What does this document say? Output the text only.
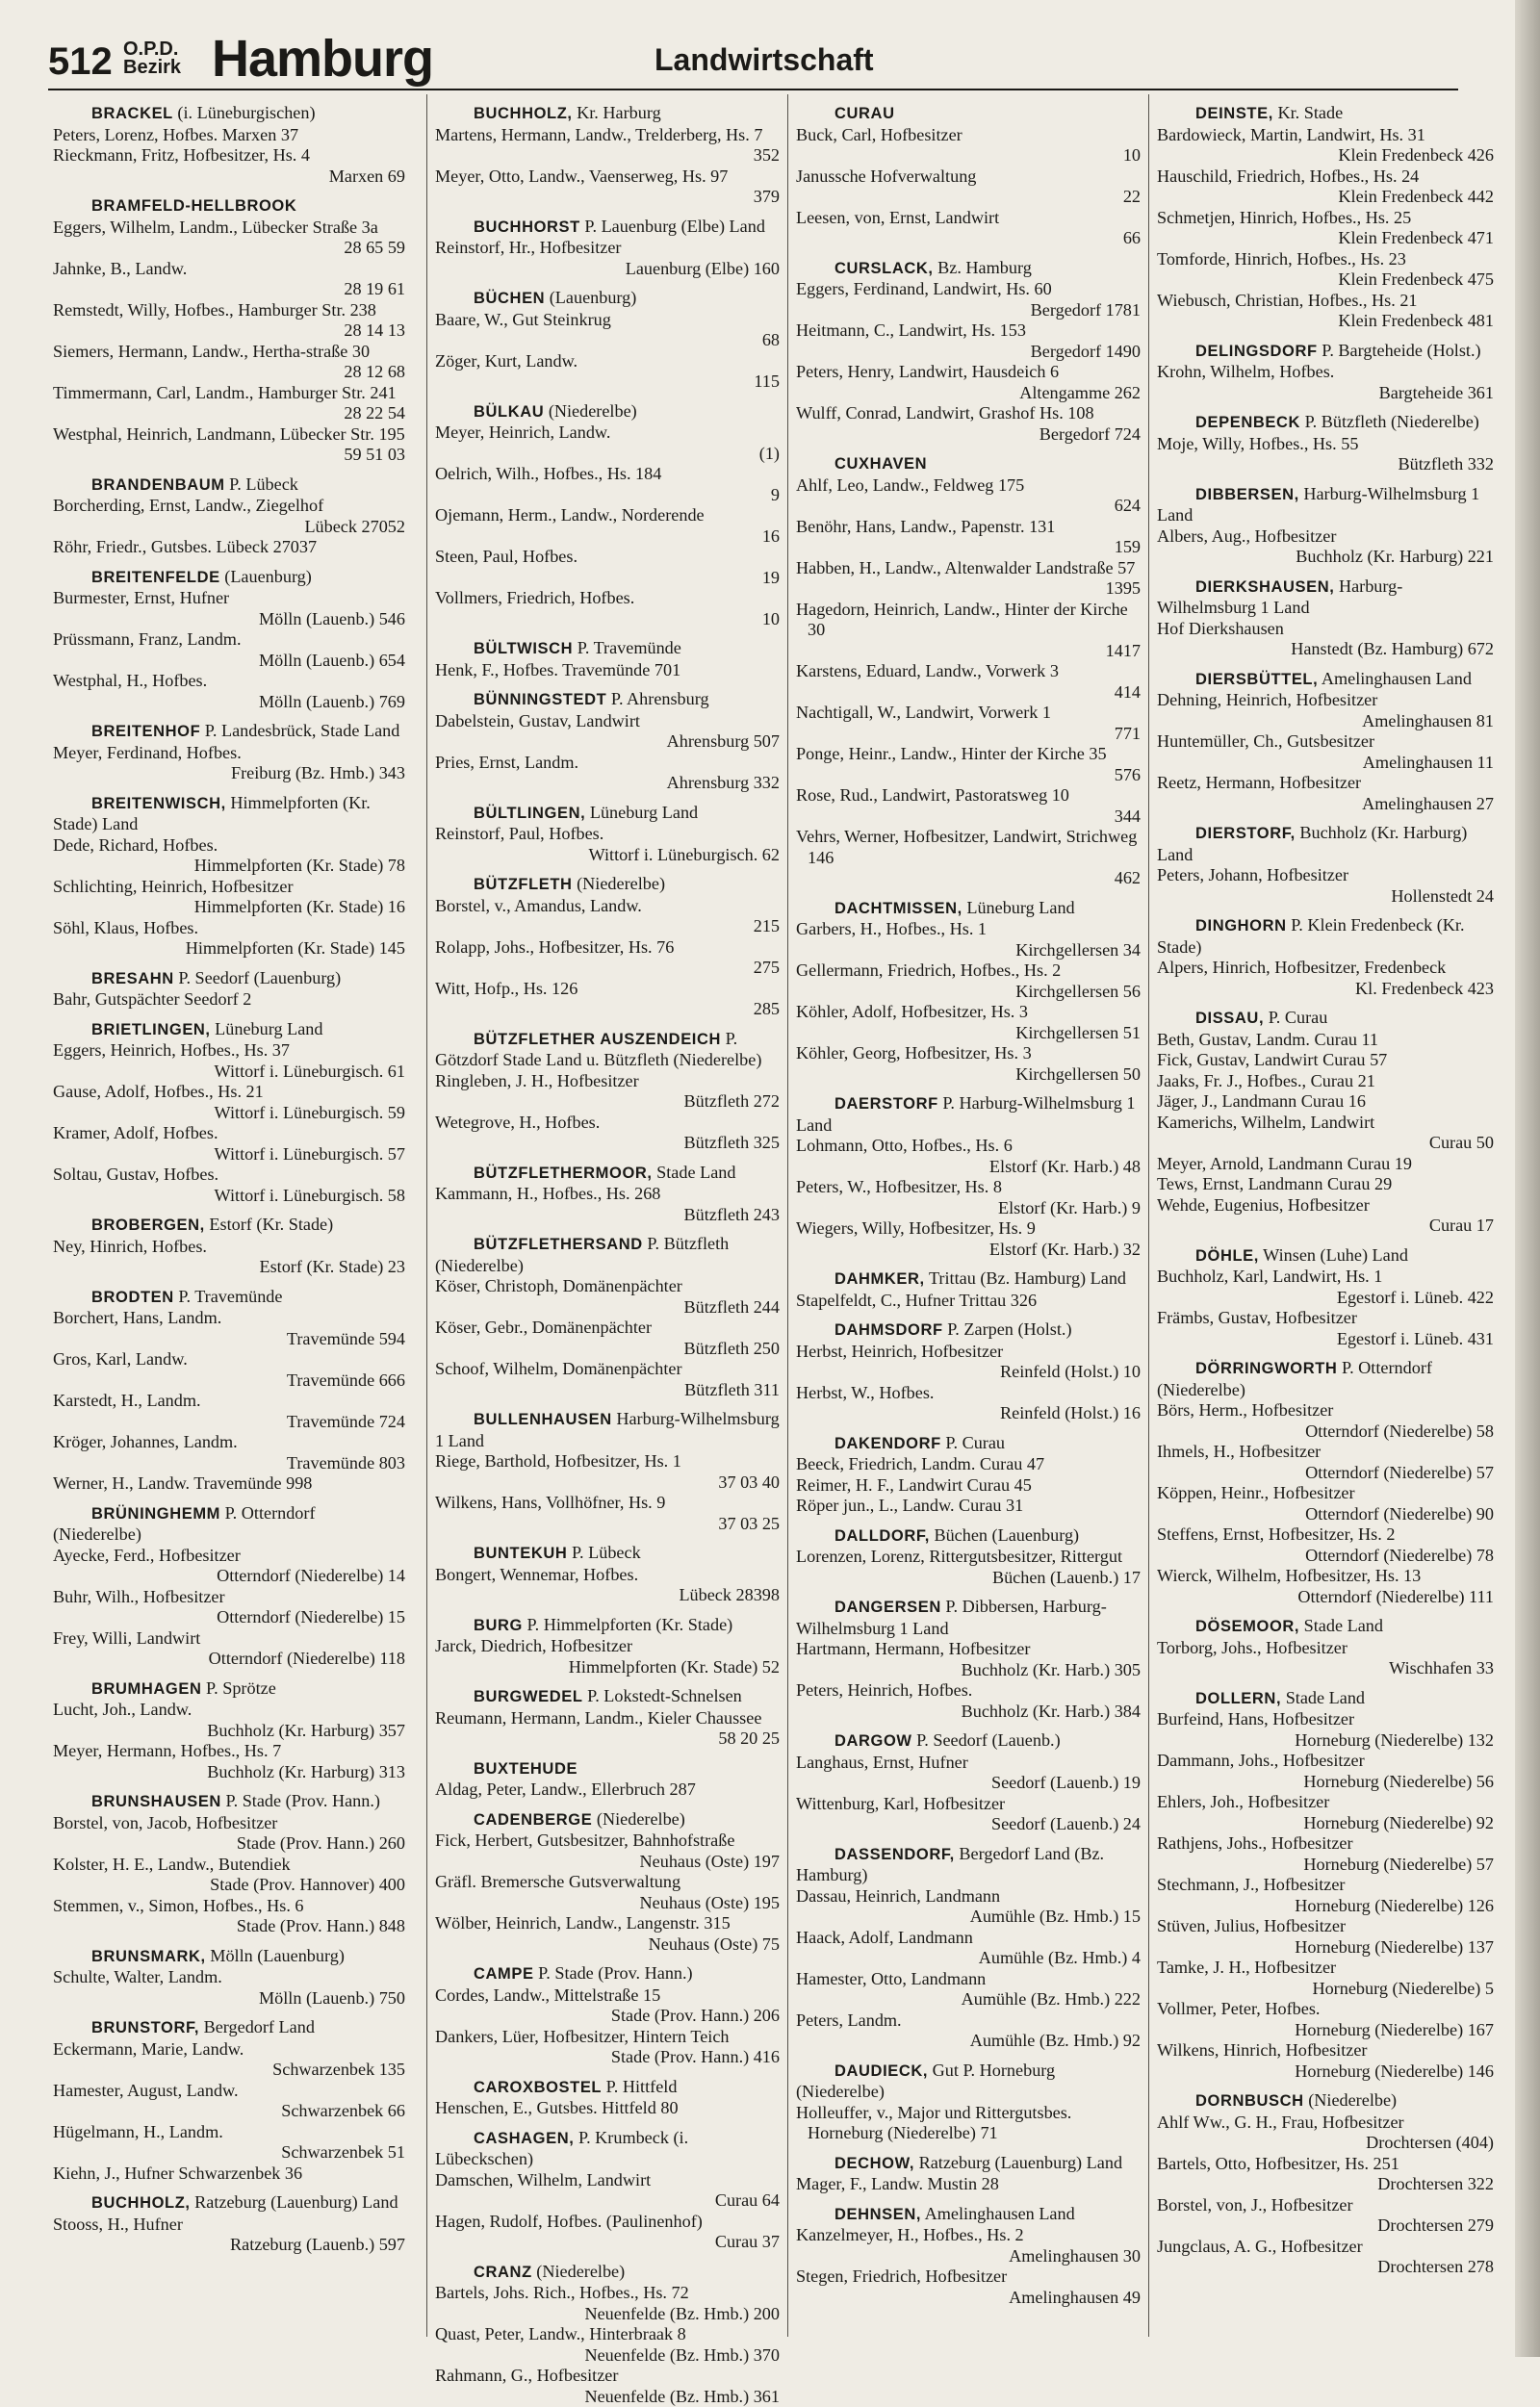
512 O.P.D.
Bezirk Hamburg	Landwirtschaft
BRACKEL (i. Lüneburgischen)
Peters, Lorenz, Hofbes. Marxen 37
Rieckmann, Fritz, Hofbesitzer, Hs. 4
Marxen 69
BRAMFELD-HELLBROOK
Eggers, Wilhelm, Landm., Lübecker Straße 3a
28 65 59
Jahnke, B., Landw.
28 19 61
Remstedt, Willy, Hofbes., Hamburger Str. 238
28 14 13
Siemers, Hermann, Landw., Hertha-straße 30
28 12 68
Timmermann, Carl, Landm., Hamburger Str. 241
28 22 54
Westphal, Heinrich, Landmann, Lübecker Str. 195
59 51 03
BRANDENBAUM P. Lübeck
Borcherding, Ernst, Landw., Ziegelhof
Lübeck 27052
Röhr, Friedr., Gutsbes. Lübeck 27037
BREITENFELDE (Lauenburg)
Burmester, Ernst, Hufner
Mölln (Lauenb.) 546
Prüssmann, Franz, Landm.
Mölln (Lauenb.) 654
Westphal, H., Hofbes.
Mölln (Lauenb.) 769
BREITENHOF P. Landesbrück, Stade Land
Meyer, Ferdinand, Hofbes.
Freiburg (Bz. Hmb.) 343
BREITENWISCH, Himmelpforten (Kr. Stade) Land
Dede, Richard, Hofbes.
Himmelpforten (Kr. Stade) 78
Schlichting, Heinrich, Hofbesitzer
Himmelpforten (Kr. Stade) 16
Söhl, Klaus, Hofbes.
Himmelpforten (Kr. Stade) 145
BRESAHN P. Seedorf (Lauenburg)
Bahr, Gutspächter Seedorf 2
BRIETLINGEN, Lüneburg Land
Eggers, Heinrich, Hofbes., Hs. 37
Wittorf i. Lüneburgisch. 61
Gause, Adolf, Hofbes., Hs. 21
Wittorf i. Lüneburgisch. 59
Kramer, Adolf, Hofbes.
Wittorf i. Lüneburgisch. 57
Soltau, Gustav, Hofbes.
Wittorf i. Lüneburgisch. 58
BROBERGEN, Estorf (Kr. Stade)
Ney, Hinrich, Hofbes.
Estorf (Kr. Stade) 23
BRODTEN P. Travemünde
Borchert, Hans, Landm.
Travemünde 594
Gros, Karl, Landw.
Travemünde 666
Karstedt, H., Landm.
Travemünde 724
Kröger, Johannes, Landm.
Travemünde 803
Werner, H., Landw. Travemünde 998
BRÜNINGHEMM P. Otterndorf (Niederelbe)
Ayecke, Ferd., Hofbesitzer
Otterndorf (Niederelbe) 14
Buhr, Wilh., Hofbesitzer
Otterndorf (Niederelbe) 15
Frey, Willi, Landwirt
Otterndorf (Niederelbe) 118
BRUMHAGEN P. Sprötze
Lucht, Joh., Landw.
Buchholz (Kr. Harburg) 357
Meyer, Hermann, Hofbes., Hs. 7
Buchholz (Kr. Harburg) 313
BRUNSHAUSEN P. Stade (Prov. Hann.)
Borstel, von, Jacob, Hofbesitzer
Stade (Prov. Hann.) 260
Kolster, H. E., Landw., Butendiek
Stade (Prov. Hannover) 400
Stemmen, v., Simon, Hofbes., Hs. 6
Stade (Prov. Hann.) 848
BRUNSMARK, Mölln (Lauenburg)
Schulte, Walter, Landm.
Mölln (Lauenb.) 750
BRUNSTORF, Bergedorf Land
Eckermann, Marie, Landw.
Schwarzenbek 135
Hamester, August, Landw.
Schwarzenbek 66
Hügelmann, H., Landm.
Schwarzenbek 51
Kiehn, J., Hufner Schwarzenbek 36
BUCHHOLZ, Ratzeburg (Lauenburg) Land
Stooss, H., Hufner
Ratzeburg (Lauenb.) 597
BUCHHOLZ, Kr. Harburg
Martens, Hermann, Landw., Trelderberg, Hs. 7
352
Meyer, Otto, Landw., Vaenserweg, Hs. 97
379
BUCHHORST P. Lauenburg (Elbe) Land
Reinstorf, Hr., Hofbesitzer
Lauenburg (Elbe) 160
BÜCHEN (Lauenburg)
Baare, W., Gut Steinkrug
68
Zöger, Kurt, Landw.
115
BÜLKAU (Niederelbe)
Meyer, Heinrich, Landw.
(1)
Oelrich, Wilh., Hofbes., Hs. 184
9
Ojemann, Herm., Landw., Norderende
16
Steen, Paul, Hofbes.
19
Vollmers, Friedrich, Hofbes.
10
BÜLTWISCH P. Travemünde
Henk, F., Hofbes. Travemünde 701
BÜNNINGSTEDT P. Ahrensburg
Dabelstein, Gustav, Landwirt
Ahrensburg 507
Pries, Ernst, Landm.
Ahrensburg 332
BÜLTLINGEN, Lüneburg Land
Reinstorf, Paul, Hofbes.
Wittorf i. Lüneburgisch. 62
BÜTZFLETH (Niederelbe)
Borstel, v., Amandus, Landw.
215
Rolapp, Johs., Hofbesitzer, Hs. 76
275
Witt, Hofp., Hs. 126
285
BÜTZFLETHER AUSZENDEICH P. Götzdorf Stade Land u. Bützfleth (Niederelbe)
Ringleben, J. H., Hofbesitzer
Bützfleth 272
Wetegrove, H., Hofbes.
Bützfleth 325
BÜTZFLETHERMOOR, Stade Land
Kammann, H., Hofbes., Hs. 268
Bützfleth 243
BÜTZFLETHERSAND P. Bützfleth (Niederelbe)
Köser, Christoph, Domänenpächter
Bützfleth 244
Köser, Gebr., Domänenpächter
Bützfleth 250
Schoof, Wilhelm, Domänenpächter
Bützfleth 311
BULLENHAUSEN Harburg-Wilhelmsburg 1 Land
Riege, Barthold, Hofbesitzer, Hs. 1
37 03 40
Wilkens, Hans, Vollhöfner, Hs. 9
37 03 25
BUNTEKUH P. Lübeck
Bongert, Wennemar, Hofbes.
Lübeck 28398
BURG P. Himmelpforten (Kr. Stade)
Jarck, Diedrich, Hofbesitzer
Himmelpforten (Kr. Stade) 52
BURGWEDEL P. Lokstedt-Schnelsen
Reumann, Hermann, Landm., Kieler Chaussee
58 20 25
BUXTEHUDE
Aldag, Peter, Landw., Ellerbruch 287
CADENBERGE (Niederelbe)
Fick, Herbert, Gutsbesitzer, Bahnhofstraße
Neuhaus (Oste) 197
Gräfl. Bremersche Gutsverwaltung
Neuhaus (Oste) 195
Wölber, Heinrich, Landw., Langenstr. 315
Neuhaus (Oste) 75
CAMPE P. Stade (Prov. Hann.)
Cordes, Landw., Mittelstraße 15
Stade (Prov. Hann.) 206
Dankers, Lüer, Hofbesitzer, Hintern Teich
Stade (Prov. Hann.) 416
CAROXBOSTEL P. Hittfeld
Henschen, E., Gutsbes. Hittfeld 80
CASHAGEN, P. Krumbeck (i. Lübeckschen)
Damschen, Wilhelm, Landwirt
Curau 64
Hagen, Rudolf, Hofbes. (Paulinenhof)
Curau 37
CRANZ (Niederelbe)
Bartels, Johs. Rich., Hofbes., Hs. 72
Neuenfelde (Bz. Hmb.) 200
Quast, Peter, Landw., Hinterbraak 8
Neuenfelde (Bz. Hmb.) 370
Rahmann, G., Hofbesitzer
Neuenfelde (Bz. Hmb.) 361
CURAU
Buck, Carl, Hofbesitzer
10
Janussche Hofverwaltung
22
Leesen, von, Ernst, Landwirt
66
CURSLACK, Bz. Hamburg
Eggers, Ferdinand, Landwirt, Hs. 60
Bergedorf 1781
Heitmann, C., Landwirt, Hs. 153
Bergedorf 1490
Peters, Henry, Landwirt, Hausdeich 6
Altengamme 262
Wulff, Conrad, Landwirt, Grashof Hs. 108
Bergedorf 724
CUXHAVEN
Ahlf, Leo, Landw., Feldweg 175
624
Benöhr, Hans, Landw., Papenstr. 131
159
Habben, H., Landw., Altenwalder Landstraße 57
1395
Hagedorn, Heinrich, Landw., Hinter der Kirche 30
1417
Karstens, Eduard, Landw., Vorwerk 3
414
Nachtigall, W., Landwirt, Vorwerk 1
771
Ponge, Heinr., Landw., Hinter der Kirche 35
576
Rose, Rud., Landwirt, Pastoratsweg 10
344
Vehrs, Werner, Hofbesitzer, Landwirt, Strichweg 146
462
DACHTMISSEN, Lüneburg Land
Garbers, H., Hofbes., Hs. 1
Kirchgellersen 34
Gellermann, Friedrich, Hofbes., Hs. 2
Kirchgellersen 56
Köhler, Adolf, Hofbesitzer, Hs. 3
Kirchgellersen 51
Köhler, Georg, Hofbesitzer, Hs. 3
Kirchgellersen 50
DAERSTORF P. Harburg-Wilhelmsburg 1 Land
Lohmann, Otto, Hofbes., Hs. 6
Elstorf (Kr. Harb.) 48
Peters, W., Hofbesitzer, Hs. 8
Elstorf (Kr. Harb.) 9
Wiegers, Willy, Hofbesitzer, Hs. 9
Elstorf (Kr. Harb.) 32
DAHMKER, Trittau (Bz. Hamburg) Land
Stapelfeldt, C., Hufner Trittau 326
DAHMSDORF P. Zarpen (Holst.)
Herbst, Heinrich, Hofbesitzer
Reinfeld (Holst.) 10
Herbst, W., Hofbes.
Reinfeld (Holst.) 16
DAKENDORF P. Curau
Beeck, Friedrich, Landm. Curau 47
Reimer, H. F., Landwirt Curau 45
Röper jun., L., Landw. Curau 31
DALLDORF, Büchen (Lauenburg)
Lorenzen, Lorenz, Rittergutsbesitzer, Rittergut
Büchen (Lauenb.) 17
DANGERSEN P. Dibbersen, Harburg-Wilhelmsburg 1 Land
Hartmann, Hermann, Hofbesitzer
Buchholz (Kr. Harb.) 305
Peters, Heinrich, Hofbes.
Buchholz (Kr. Harb.) 384
DARGOW P. Seedorf (Lauenb.)
Langhaus, Ernst, Hufner
Seedorf (Lauenb.) 19
Wittenburg, Karl, Hofbesitzer
Seedorf (Lauenb.) 24
DASSENDORF, Bergedorf Land (Bz. Hamburg)
Dassau, Heinrich, Landmann
Aumühle (Bz. Hmb.) 15
Haack, Adolf, Landmann
Aumühle (Bz. Hmb.) 4
Hamester, Otto, Landmann
Aumühle (Bz. Hmb.) 222
Peters, Landm.
Aumühle (Bz. Hmb.) 92
DAUDIECK, Gut P. Horneburg (Niederelbe)
Holleuffer, v., Major und Rittergutsbes. Horneburg (Niederelbe) 71
DECHOW, Ratzeburg (Lauenburg) Land
Mager, F., Landw. Mustin 28
DEHNSEN, Amelinghausen Land
Kanzelmeyer, H., Hofbes., Hs. 2
Amelinghausen 30
Stegen, Friedrich, Hofbesitzer
Amelinghausen 49
DEINSTE, Kr. Stade
Bardowieck, Martin, Landwirt, Hs. 31
Klein Fredenbeck 426
Hauschild, Friedrich, Hofbes., Hs. 24
Klein Fredenbeck 442
Schmetjen, Hinrich, Hofbes., Hs. 25
Klein Fredenbeck 471
Tomforde, Hinrich, Hofbes., Hs. 23
Klein Fredenbeck 475
Wiebusch, Christian, Hofbes., Hs. 21
Klein Fredenbeck 481
DELINGSDORF P. Bargteheide (Holst.)
Krohn, Wilhelm, Hofbes.
Bargteheide 361
DEPENBECK P. Bützfleth (Niederelbe)
Moje, Willy, Hofbes., Hs. 55
Bützfleth 332
DIBBERSEN, Harburg-Wilhelmsburg 1 Land
Albers, Aug., Hofbesitzer
Buchholz (Kr. Harburg) 221
DIERKSHAUSEN, Harburg-Wilhelmsburg 1 Land
Hof Dierkshausen
Hanstedt (Bz. Hamburg) 672
DIERSBÜTTEL, Amelinghausen Land
Dehning, Heinrich, Hofbesitzer
Amelinghausen 81
Huntemüller, Ch., Gutsbesitzer
Amelinghausen 11
Reetz, Hermann, Hofbesitzer
Amelinghausen 27
DIERSTORF, Buchholz (Kr. Harburg) Land
Peters, Johann, Hofbesitzer
Hollenstedt 24
DINGHORN P. Klein Fredenbeck (Kr. Stade)
Alpers, Hinrich, Hofbesitzer, Fredenbeck
Kl. Fredenbeck 423
DISSAU, P. Curau
Beth, Gustav, Landm. Curau 11
Fick, Gustav, Landwirt Curau 57
Jaaks, Fr. J., Hofbes., Curau 21
Jäger, J., Landmann Curau 16
Kamerichs, Wilhelm, Landwirt
Curau 50
Meyer, Arnold, Landmann Curau 19
Tews, Ernst, Landmann Curau 29
Wehde, Eugenius, Hofbesitzer
Curau 17
DÖHLE, Winsen (Luhe) Land
Buchholz, Karl, Landwirt, Hs. 1
Egestorf i. Lüneb. 422
Främbs, Gustav, Hofbesitzer
Egestorf i. Lüneb. 431
DÖRRINGWORTH P. Otterndorf (Niederelbe)
Börs, Herm., Hofbesitzer
Otterndorf (Niederelbe) 58
Ihmels, H., Hofbesitzer
Otterndorf (Niederelbe) 57
Köppen, Heinr., Hofbesitzer
Otterndorf (Niederelbe) 90
Steffens, Ernst, Hofbesitzer, Hs. 2
Otterndorf (Niederelbe) 78
Wierck, Wilhelm, Hofbesitzer, Hs. 13
Otterndorf (Niederelbe) 111
DÖSEMOOR, Stade Land
Torborg, Johs., Hofbesitzer
Wischhafen 33
DOLLERN, Stade Land
Burfeind, Hans, Hofbesitzer
Horneburg (Niederelbe) 132
Dammann, Johs., Hofbesitzer
Horneburg (Niederelbe) 56
Ehlers, Joh., Hofbesitzer
Horneburg (Niederelbe) 92
Rathjens, Johs., Hofbesitzer
Horneburg (Niederelbe) 57
Stechmann, J., Hofbesitzer
Horneburg (Niederelbe) 126
Stüven, Julius, Hofbesitzer
Horneburg (Niederelbe) 137
Tamke, J. H., Hofbesitzer
Horneburg (Niederelbe) 5
Vollmer, Peter, Hofbes.
Horneburg (Niederelbe) 167
Wilkens, Hinrich, Hofbesitzer
Horneburg (Niederelbe) 146
DORNBUSCH (Niederelbe)
Ahlf Ww., G. H., Frau, Hofbesitzer
Drochtersen (404)
Bartels, Otto, Hofbesitzer, Hs. 251
Drochtersen 322
Borstel, von, J., Hofbesitzer
Drochtersen 279
Jungclaus, A. G., Hofbesitzer
Drochtersen 278
